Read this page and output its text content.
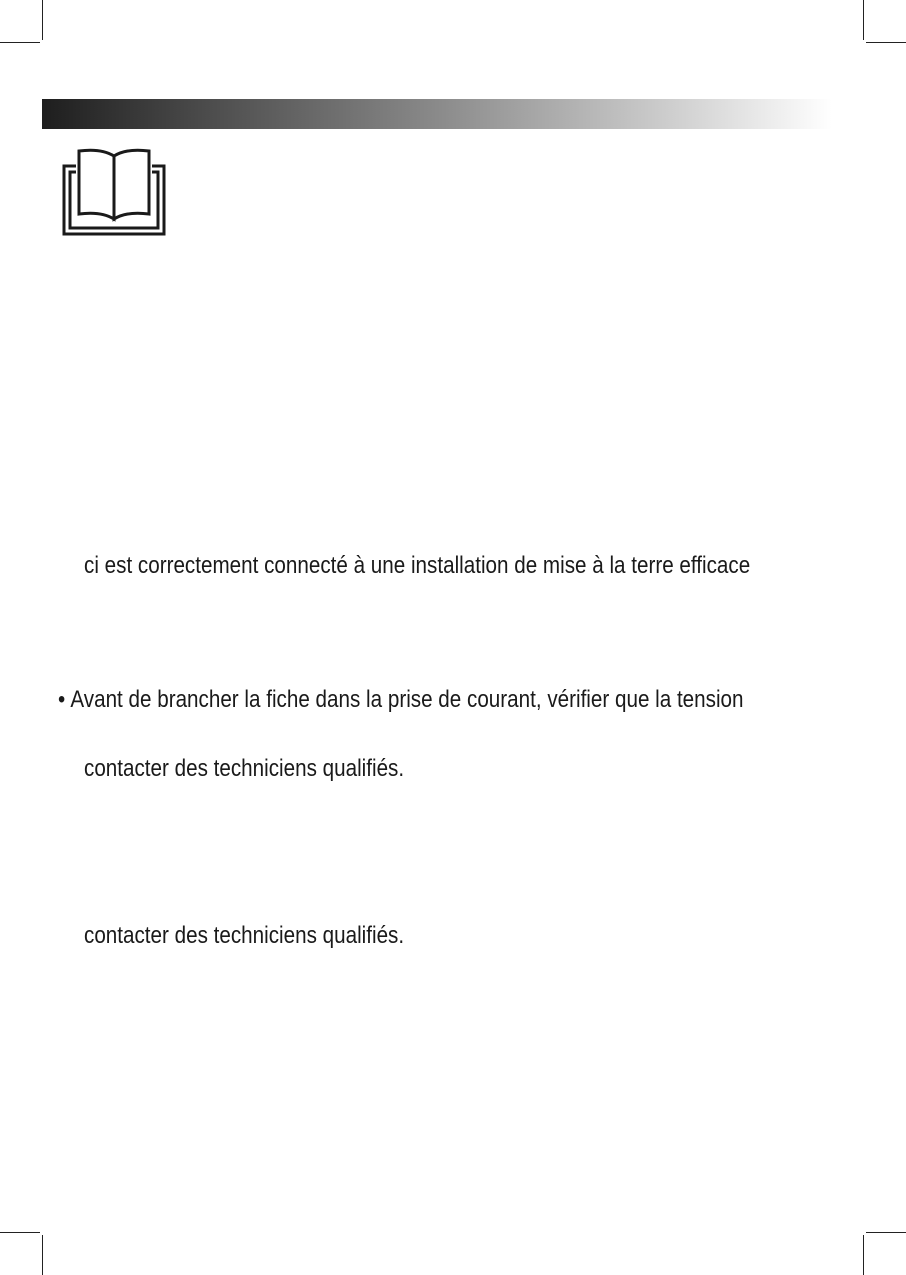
ci est correctement connecté à une installation de mise à la terre efficace
• Avant de brancher la fiche dans la prise de courant, vérifier que la tension
contacter des techniciens qualifiés.
contacter des techniciens qualifiés.
